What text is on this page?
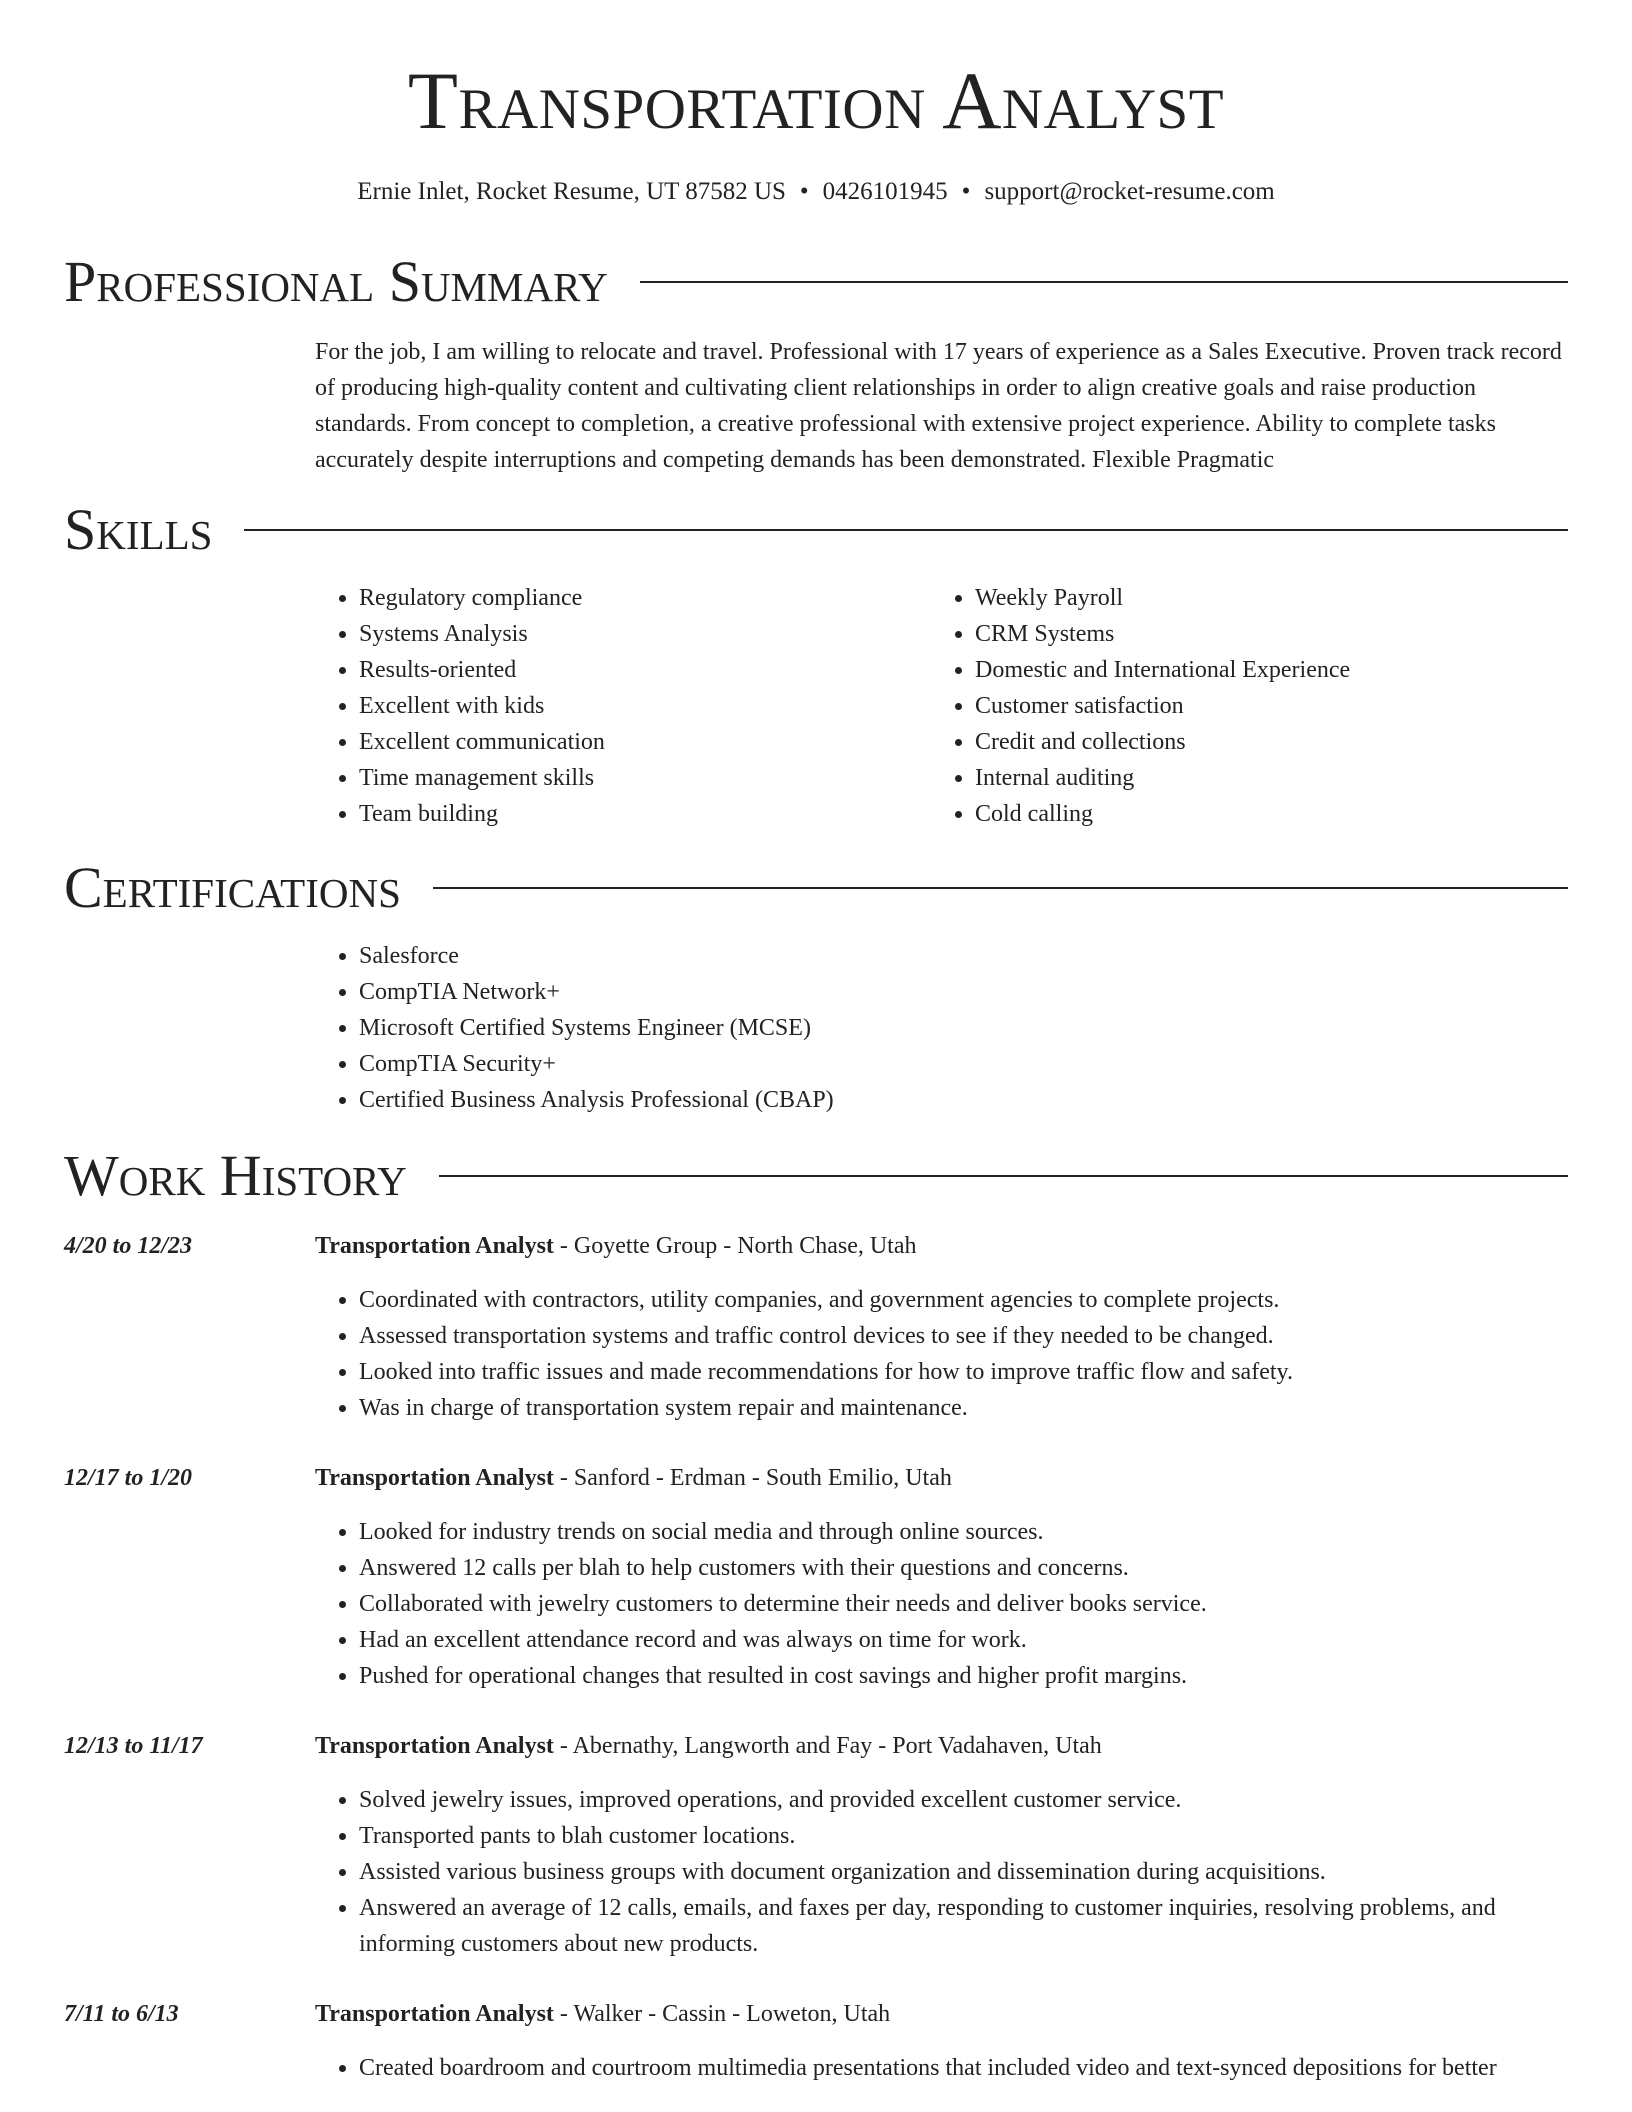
Transportation Analyst
Ernie Inlet, Rocket Resume, UT 87582 US • 0426101945 • support@rocket-resume.com
Professional Summary

For the job, I am willing to relocate and travel. Professional with 17 years of experience as a Sales Executive. Proven track record of producing high-quality content and cultivating client relationships in order to align creative goals and raise production standards. From concept to completion, a creative professional with extensive project experience. Ability to complete tasks accurately despite interruptions and competing demands has been demonstrated. Flexible Pragmatic

Skills
• Regulatory compliance
• Systems Analysis
• Results-oriented
• Excellent with kids
• Excellent communication
• Time management skills
• Team building
• Weekly Payroll
• CRM Systems
• Domestic and International Experience
• Customer satisfaction
• Credit and collections
• Internal auditing
• Cold calling
Certifications
• Salesforce
• CompTIA Network+
• Microsoft Certified Systems Engineer (MCSE)
• CompTIA Security+
• Certified Business Analysis Professional (CBAP)
Work History
4/20 to 12/23	Transportation Analyst - Goyette Group - North Chase, Utah

• Coordinated with contractors, utility companies, and government agencies to complete projects.
• Assessed transportation systems and traffic control devices to see if they needed to be changed.
• Looked into traffic issues and made recommendations for how to improve traffic flow and safety.
• Was in charge of transportation system repair and maintenance.
12/17 to 1/20	Transportation Analyst - Sanford - Erdman - South Emilio, Utah

• Looked for industry trends on social media and through online sources.
• Answered 12 calls per blah to help customers with their questions and concerns.
• Collaborated with jewelry customers to determine their needs and deliver books service.
• Had an excellent attendance record and was always on time for work.
• Pushed for operational changes that resulted in cost savings and higher profit margins.
12/13 to 11/17	Transportation Analyst - Abernathy, Langworth and Fay - Port Vadahaven, Utah

• Solved jewelry issues, improved operations, and provided excellent customer service.
• Transported pants to blah customer locations.
• Assisted various business groups with document organization and dissemination during acquisitions.
• Answered an average of 12 calls, emails, and faxes per day, responding to customer inquiries, resolving problems, and informing customers about new products.
7/11 to 6/13	Transportation Analyst - Walker - Cassin - Loweton, Utah

• Created boardroom and courtroom multimedia presentations that included video and text-synced depositions for better
